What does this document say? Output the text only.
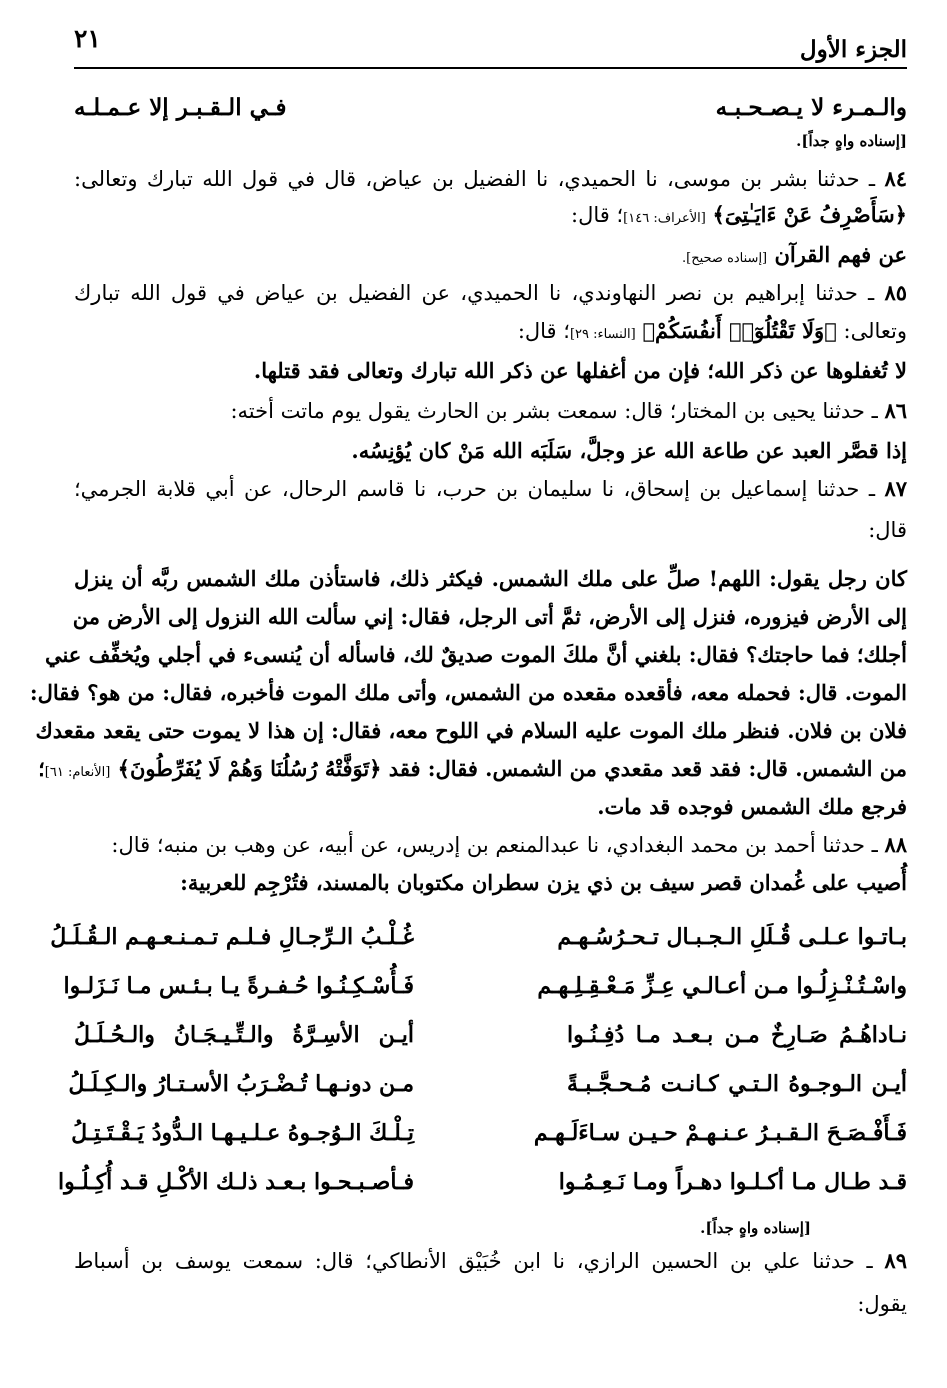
الجزء الأول
٢١
والـمـرء لا يـصـحـبـه
فـي الـقـبـر إلا عـمـلـه
[إسناده واهٍ جداً].
٨٤ ـ حدثنا بشر بن موسى، نا الحميدي، نا الفضيل بن عياض، قال في قول الله تبارك وتعالى:
﴿سَأَصْرِفُ عَنْ ءَايَـٰتِىَ﴾ [الأعراف: ١٤٦]؛ قال:
عن فهم القرآن [إسناده صحيح].
٨٥ ـ حدثنا إبراهيم بن نصر النهاوندي، نا الحميدي، عن الفضيل بن عياض في قول الله تبارك
وتعالى: ﴿وَلَا تَقْتُلُوٓا۟ أَنفُسَكُمْ﴾ [النساء: ٢٩]؛ قال:
لا تُغفلوها عن ذكر الله؛ فإن من أغفلها عن ذكر الله تبارك وتعالى فقد قتلها.
٨٦ ـ حدثنا يحيى بن المختار؛ قال: سمعت بشر بن الحارث يقول يوم ماتت أخته:
إذا قصَّر العبد عن طاعة الله عز وجلَّ، سَلَبَه الله مَنْ كان يُؤنِسُه.
٨٧ ـ حدثنا إسماعيل بن إسحاق، نا سليمان بن حرب، نا قاسم الرحال، عن أبي قلابة الجرمي؛
قال:
كان رجل يقول: اللهم! صلِّ على ملك الشمس. فيكثر ذلك، فاستأذن ملك الشمس ربَّه أن ينزل
إلى الأرض فيزوره، فنزل إلى الأرض، ثمَّ أتى الرجل، فقال: إني سألت الله النزول إلى الأرض من
أجلك؛ فما حاجتك؟ فقال: بلغني أنَّ ملكَ الموت صديقٌ لك، فاسأله أن يُنسىء في أجلي ويُخفِّف عني
الموت. قال: فحمله معه، فأقعده مقعده من الشمس، وأتى ملك الموت فأخبره، فقال: من هو؟ فقال:
فلان بن فلان. فنظر ملك الموت عليه السلام في اللوح معه، فقال: إن هذا لا يموت حتى يقعد مقعدك
من الشمس. قال: فقد قعد مقعدي من الشمس. فقال: فقد ﴿تَوَفَّتْهُ رُسُلُنَا وَهُمْ لَا يُفَرِّطُونَ﴾ [الأنعام: ٦١]؛
فرجع ملك الشمس فوجده قد مات.
٨٨ ـ حدثنا أحمد بن محمد البغدادي، نا عبدالمنعم بن إدريس، عن أبيه، عن وهب بن منبه؛ قال:
أُصيب على غُمدان قصر سيف بن ذي يزن سطران مكتوبان بالمسند، فتُرْجِم للعربية:
بـاتـوا عـلـى قُـلَلِ الـجـبـال تـحـرُسُـهـم
غُـلْـبُ الـرِّجـالِ فـلـم تـمـنـعـهـم الـقُـلَـلُ
واسْـتُـنْـزِلُـوا مـن أعـالـي عِـزِّ مَـعْـقِـلِـهـم
فَـأُسْـكِـنُـوا حُـفـرةً يـا بـئـس مـا نَـزَلـوا
نـاداهُـمُ صَـارِخٌ مـن بـعـد مـا دُفِـنُـوا
أيـن الأسِـرَّةُ والـتِّـيـجَـانُ والـحُـلَـلُ
أيـن الـوجـوهُ الـتـي كـانـت مُـحـجَّـبـةً
مـن دونـهـا تُـضْـرَبُ الأسـتـارُ والـكِـلَـلُ
فَـأَفْـصَـحَ الـقـبـرُ عـنـهـمْ حـيـن سـاءَلَـهـم
تِـلْـكَ الـوُجـوهُ عـلـيـهـا الـدُّودُ يَـقْـتَـتِـلُ
قـد طـال مـا أكـلـوا دهـراً ومـا نَـعِـمُـوا
فـأصـبـحـوا بـعـد ذلـك الأكْـلِ قـد أُكِـلُـوا
[إسناده واهٍ جداً].
٨٩ ـ حدثنا علي بن الحسين الرازي، نا ابن خُبَيْق الأنطاكي؛ قال: سمعت يوسف بن أسباط
يقول:
